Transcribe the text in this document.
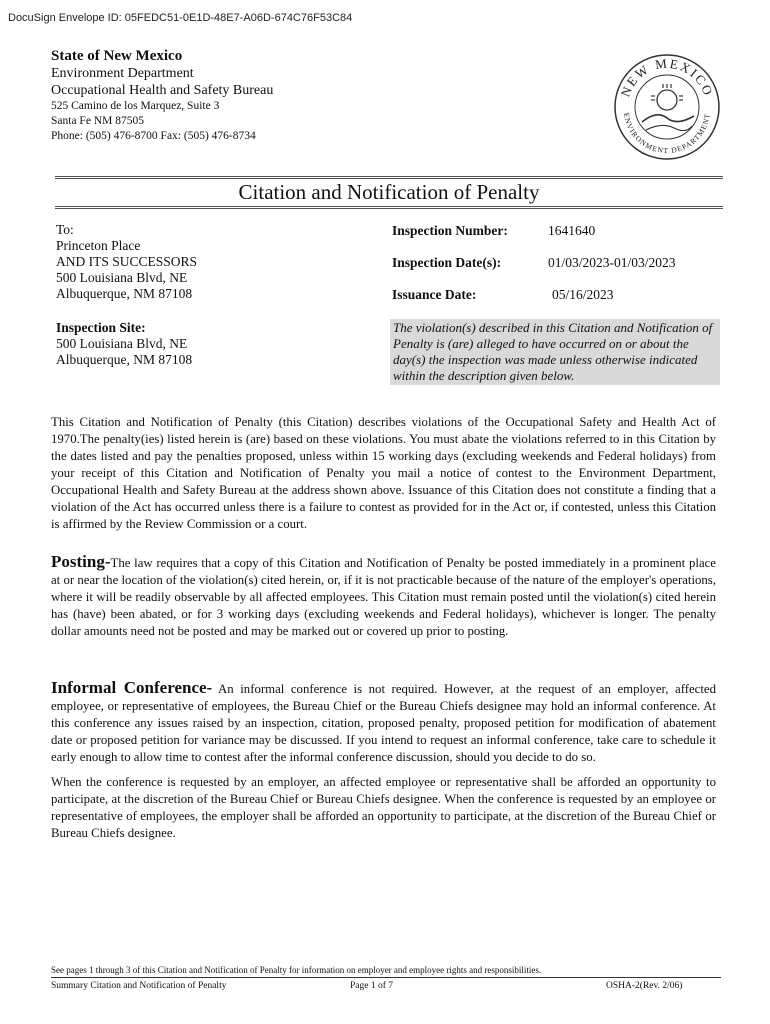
DocuSign Envelope ID: 05FEDC51-0E1D-48E7-A06D-674C76F53C84
State of New Mexico
Environment Department
Occupational Health and Safety Bureau
525 Camino de los Marquez, Suite 3
Santa Fe NM 87505
Phone: (505) 476-8700 Fax: (505) 476-8734
NEW MEXICO
ENVIRONMENT DEPARTMENT
Citation and Notification of Penalty
To:
Princeton Place
AND ITS SUCCESSORS
500 Louisiana Blvd, NE
Albuquerque, NM 87108
Inspection Site:
500 Louisiana Blvd, NE
Albuquerque, NM 87108
Inspection Number:	1641640
Inspection Date(s):	01/03/2023-01/03/2023
Issuance Date:	05/16/2023
The violation(s) described in this Citation and Notification of Penalty is (are) alleged to have occurred on or about the day(s) the inspection was made unless otherwise indicated within the description given below.
This Citation and Notification of Penalty (this Citation) describes violations of the Occupational Safety and Health Act of 1970.The penalty(ies) listed herein is (are) based on these violations. You must abate the violations referred to in this Citation by the dates listed and pay the penalties proposed, unless within 15 working days (excluding weekends and Federal holidays) from your receipt of this Citation and Notification of Penalty you mail a notice of contest to the Environment Department, Occupational Health and Safety Bureau at the address shown above. Issuance of this Citation does not constitute a finding that a violation of the Act has occurred unless there is a failure to contest as provided for in the Act or, if contested, unless this Citation is affirmed by the Review Commission or a court.
Posting-The law requires that a copy of this Citation and Notification of Penalty be posted immediately in a prominent place at or near the location of the violation(s) cited herein, or, if it is not practicable because of the nature of the employer's operations, where it will be readily observable by all affected employees. This Citation must remain posted until the violation(s) cited herein has (have) been abated, or for 3 working days (excluding weekends and Federal holidays), whichever is longer. The penalty dollar amounts need not be posted and may be marked out or covered up prior to posting.
Informal Conference- An informal conference is not required. However, at the request of an employer, affected employee, or representative of employees, the Bureau Chief or the Bureau Chiefs designee may hold an informal conference. At this conference any issues raised by an inspection, citation, proposed penalty, proposed petition for modification of abatement date or proposed petition for variance may be discussed. If you intend to request an informal conference, take care to schedule it early enough to allow time to contest after the informal conference discussion, should you decide to do so.
When the conference is requested by an employer, an affected employee or representative shall be afforded an opportunity to participate, at the discretion of the Bureau Chief or Bureau Chiefs designee. When the conference is requested by an employee or representative of employees, the employer shall be afforded an opportunity to participate, at the discretion of the Bureau Chief or Bureau Chiefs designee.
See pages 1 through 3 of this Citation and Notification of Penalty for information on employer and employee rights and responsibilities.
Summary Citation and Notification of Penalty	Page 1 of 7	OSHA-2(Rev. 2/06)
